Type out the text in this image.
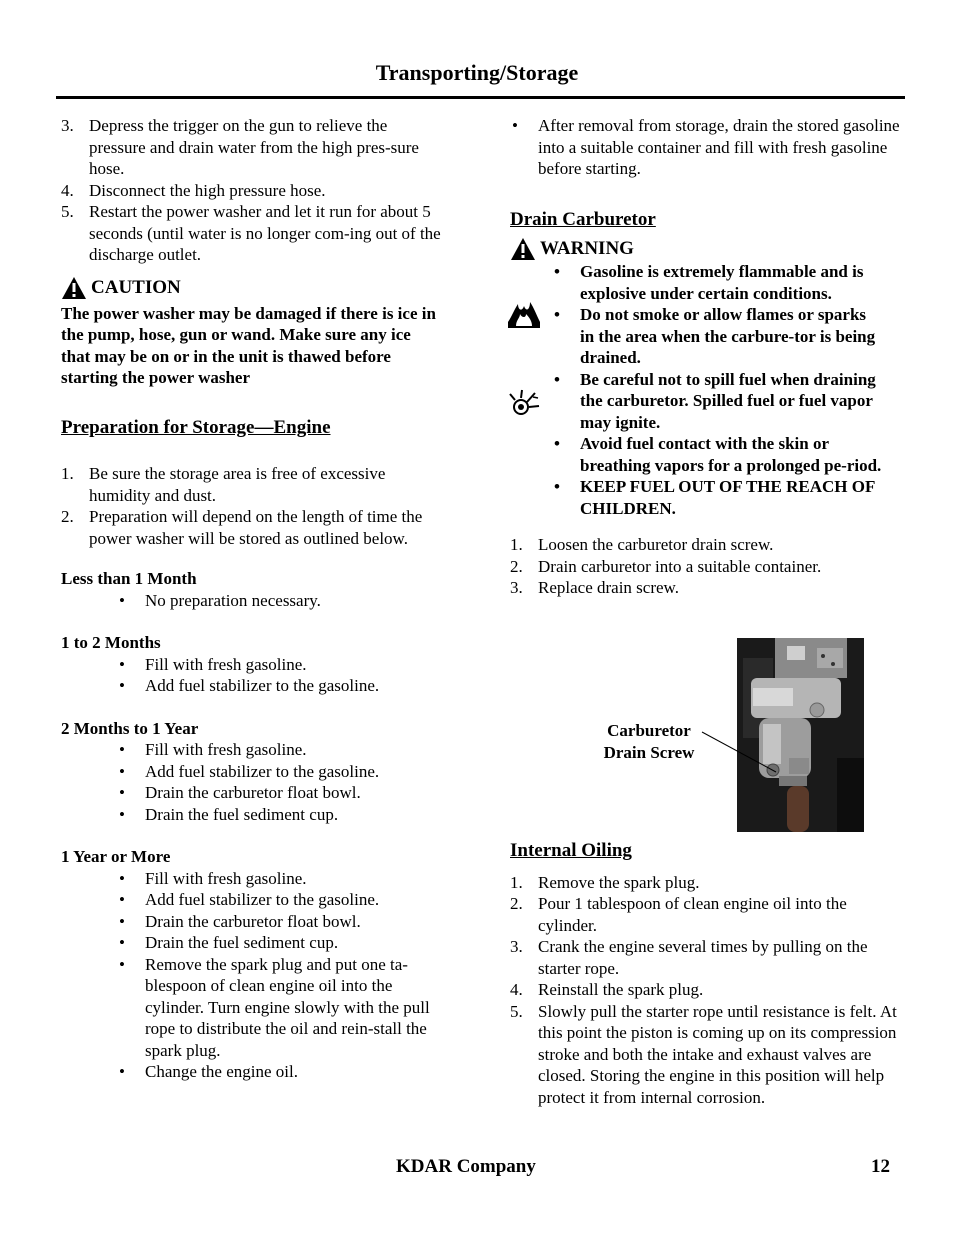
Transporting/Storage

3. Depress the trigger on the gun to relieve the pressure and drain water from the high pres-sure hose.

4. Disconnect the high pressure hose.

5. Restart the power washer and let it run for about 5 seconds (until water is no longer com-ing out of the discharge outlet.

CAUTION

The power washer may be damaged if there is ice in the pump, hose, gun or wand. Make sure any ice that may be on or in the unit is thawed before starting the power washer

Preparation for Storage—Engine

1. Be sure the storage area is free of excessive humidity and dust.

2. Preparation will depend on the length of time the power washer will be stored as outlined below.

Less than 1 Month

• No preparation necessary.

1 to 2 Months

• Fill with fresh gasoline.

• Add fuel stabilizer to the gasoline.

2 Months to 1 Year

• Fill with fresh gasoline.

• Add fuel stabilizer to the gasoline.

• Drain the carburetor float bowl.

• Drain the fuel sediment cup.

1 Year or More

• Fill with fresh gasoline.

• Add fuel stabilizer to the gasoline.

• Drain the carburetor float bowl.

• Drain the fuel sediment cup.

• Remove the spark plug and put one ta-blespoon of clean engine oil into the cylinder. Turn engine slowly with the pull rope to distribute the oil and rein-stall the spark plug.

• Change the engine oil.

• After removal from storage, drain the stored gasoline into a suitable container and fill with fresh gasoline before starting.

Drain Carburetor

WARNING

• Gasoline is extremely flammable and is explosive under certain conditions.

• Do not smoke or allow flames or sparks in the area when the carbure-tor is being drained.

• Be careful not to spill fuel when draining the carburetor. Spilled fuel or fuel vapor may ignite.

• Avoid fuel contact with the skin or breathing vapors for a prolonged pe-riod.

• KEEP FUEL OUT OF THE REACH OF CHILDREN.

1. Loosen the carburetor drain screw.

2. Drain carburetor into a suitable container.

3. Replace drain screw.

Carburetor
Drain Screw

Internal Oiling

1. Remove the spark plug.

2. Pour 1 tablespoon of clean engine oil into the cylinder.

3. Crank the engine several times by pulling on the starter rope.

4. Reinstall the spark plug.

5. Slowly pull the starter rope until resistance is felt. At this point the piston is coming up on its compression stroke and both the intake and exhaust valves are closed. Storing the engine in this position will help protect it from internal corrosion.

KDAR Company	12
